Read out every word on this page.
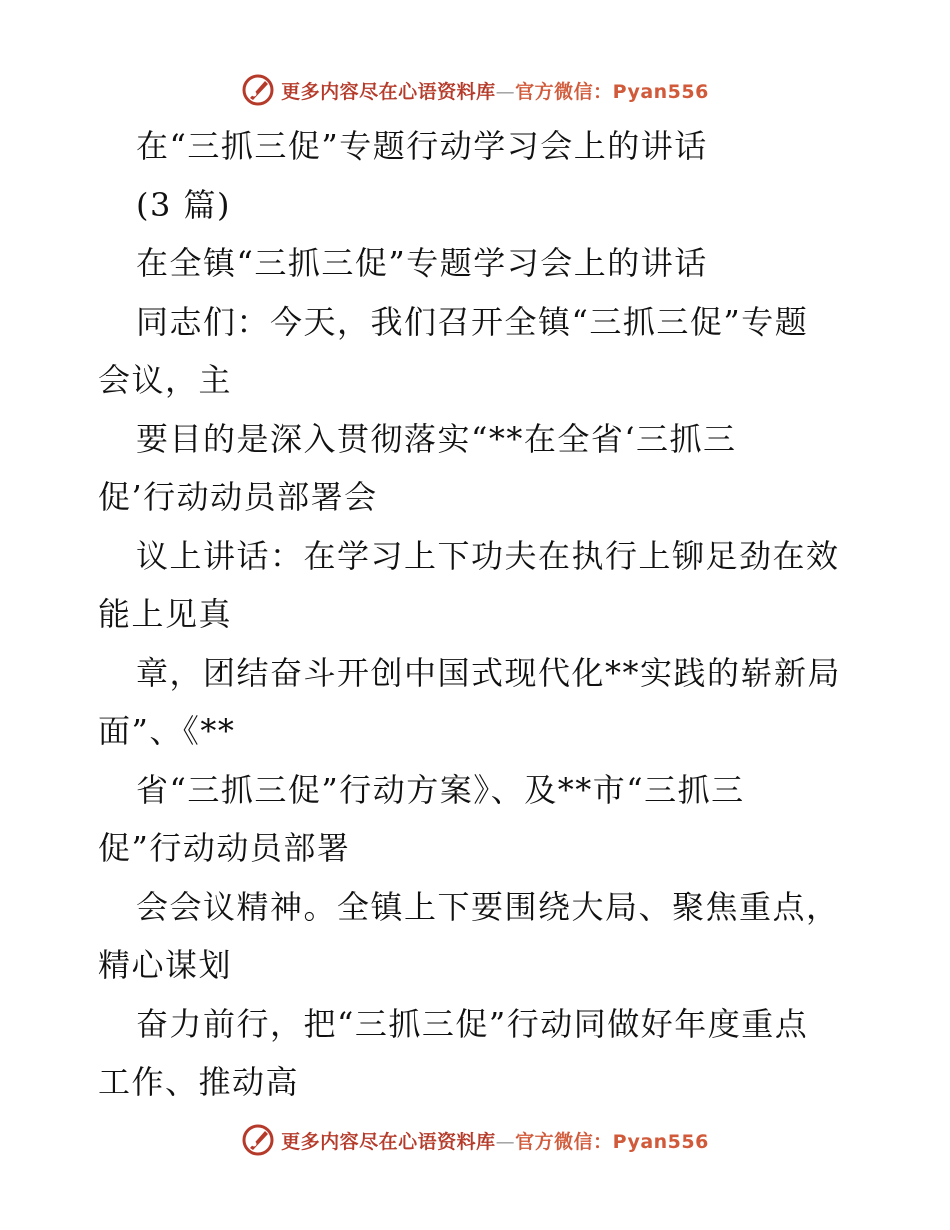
更多内容尽在心语资料库—官方微信：Pyan556
在“三抓三促”专题行动学习会上的讲话
(3 篇)
在全镇“三抓三促”专题学习会上的讲话
同志们：今天，我们召开全镇“三抓三促”专题
会议，主
要目的是深入贯彻落实“**在全省‘三抓三
促’行动动员部署会
议上讲话：在学习上下功夫在执行上铆足劲在效
能上见真
章，团结奋斗开创中国式现代化**实践的崭新局
面”、《**
省“三抓三促”行动方案》、及**市“三抓三
促”行动动员部署
会会议精神。全镇上下要围绕大局、聚焦重点，
精心谋划
奋力前行，把“三抓三促”行动同做好年度重点
工作、推动高
更多内容尽在心语资料库—官方微信：Pyan556
